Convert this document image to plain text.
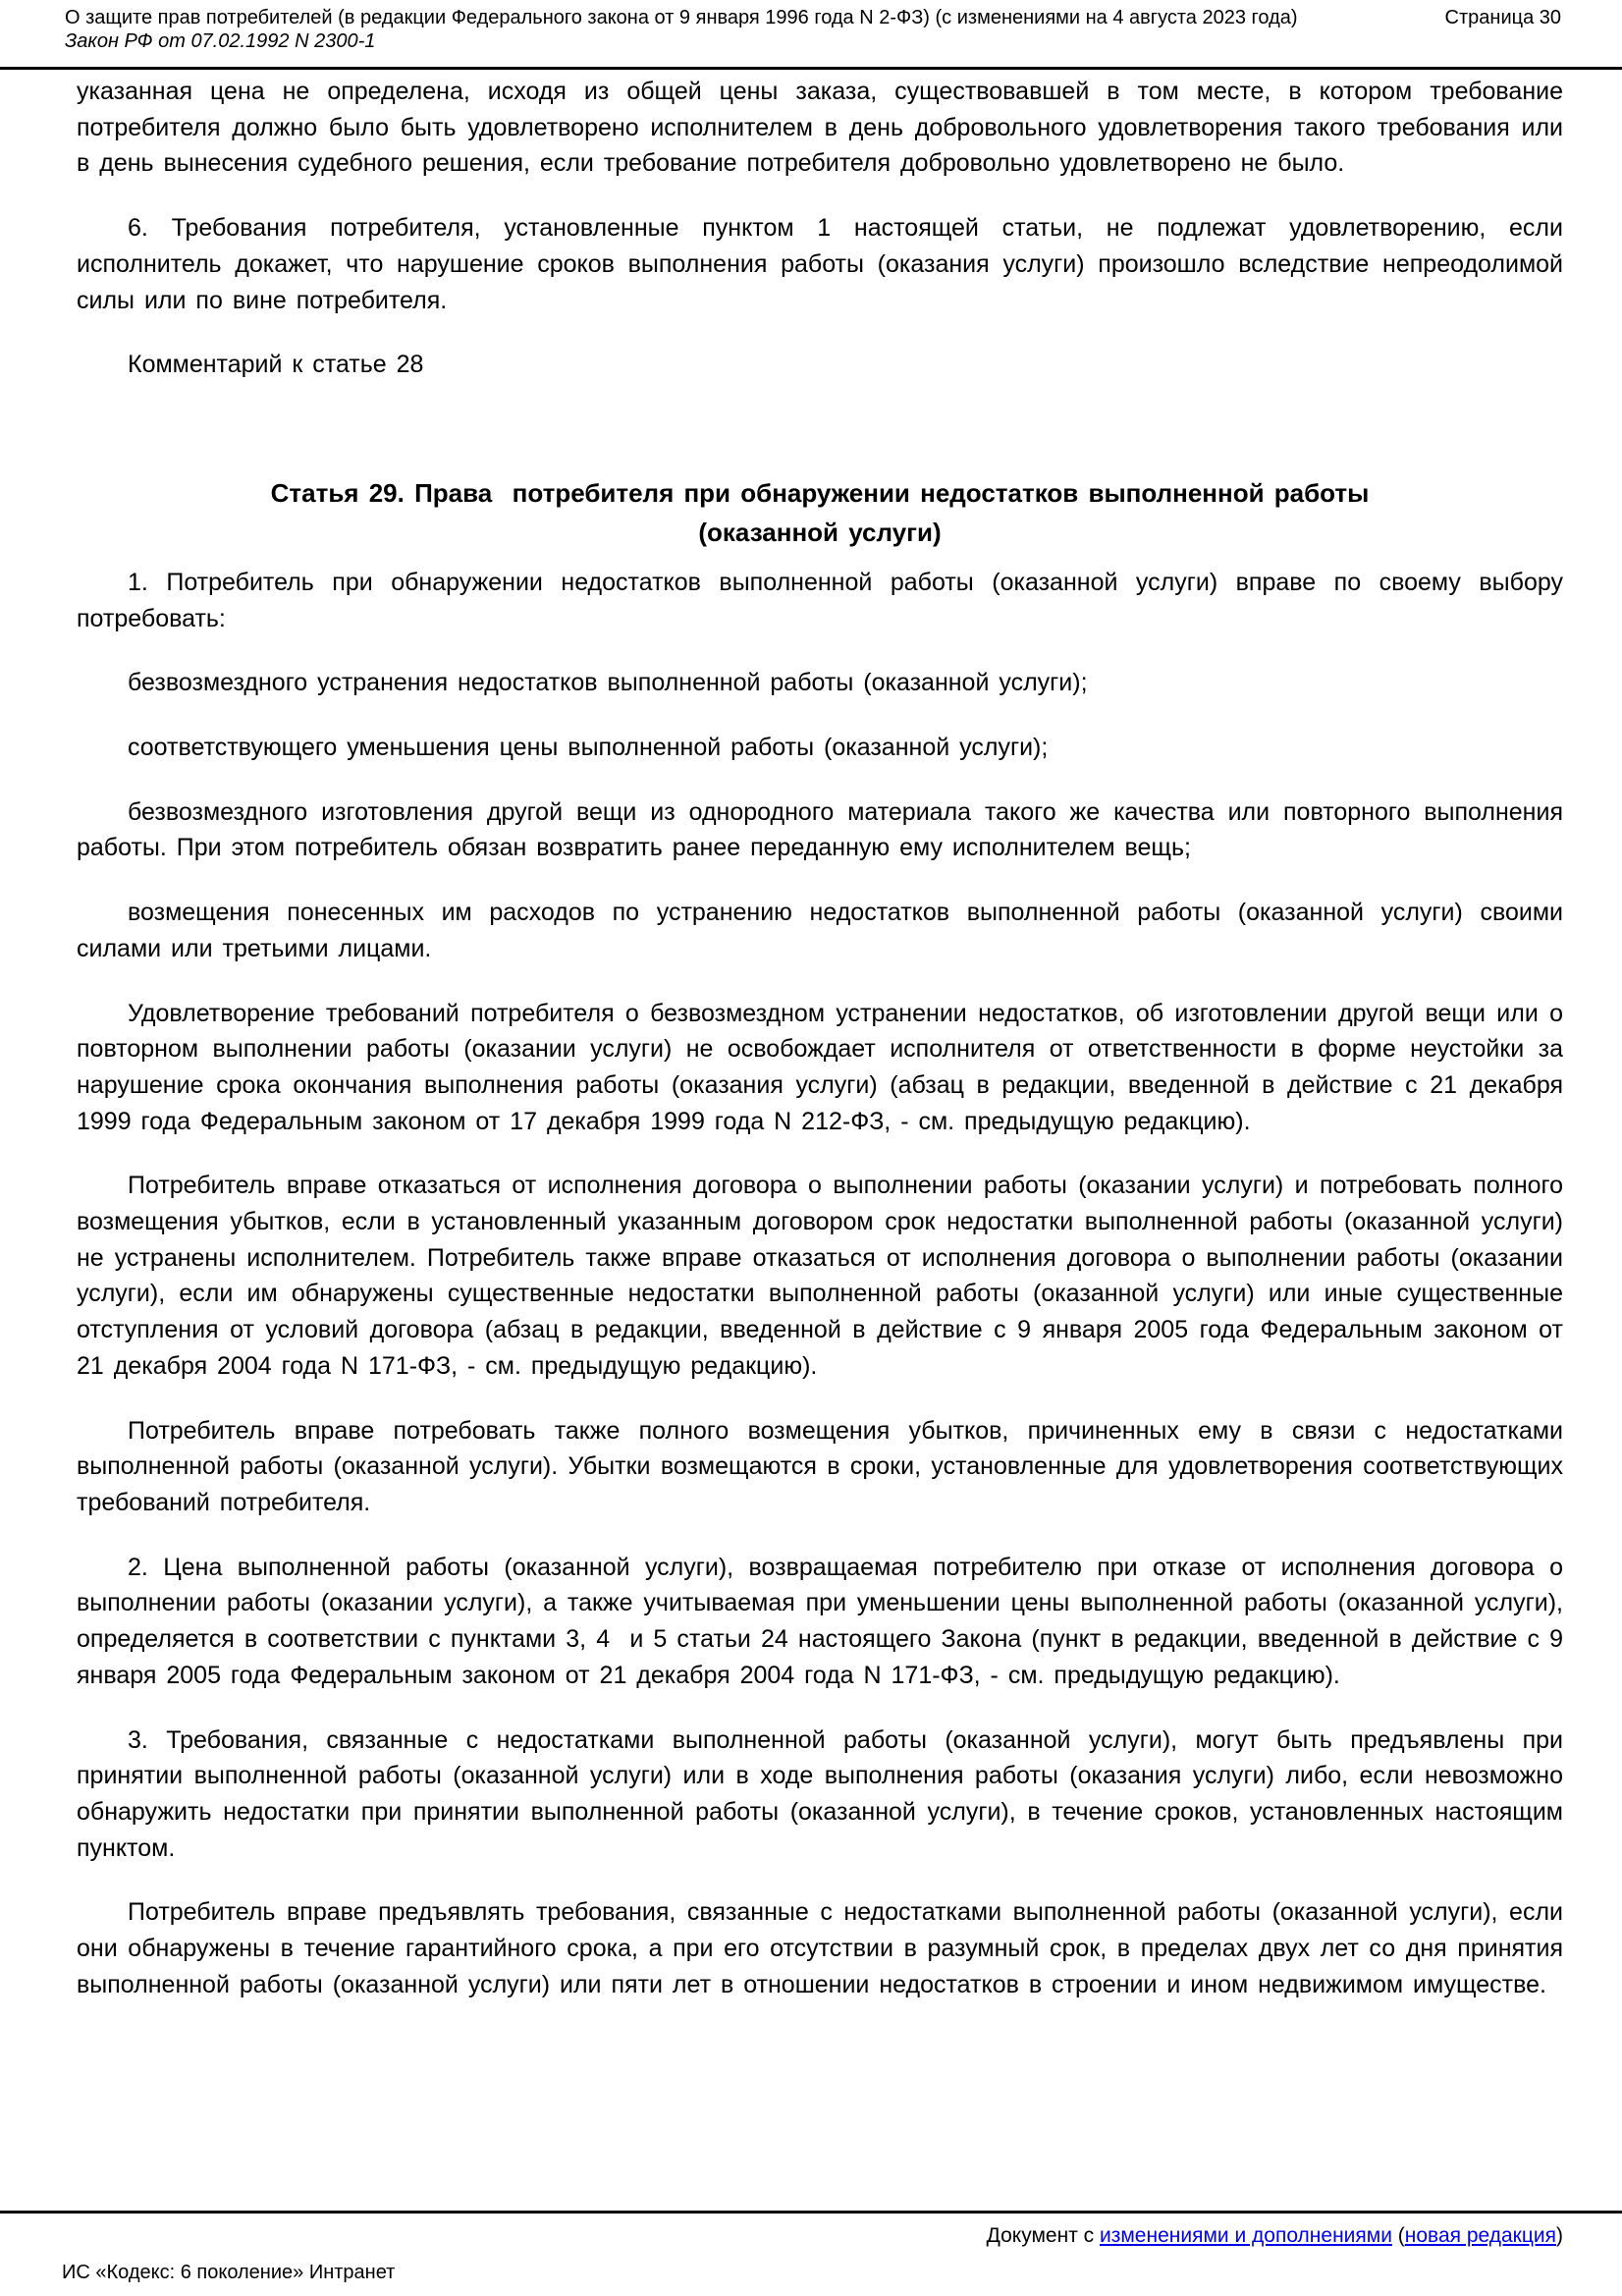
О защите прав потребителей (в редакции Федерального закона от 9 января 1996 года N 2-ФЗ) (с изменениями на 4 августа 2023 года)	Страница 30
Закон РФ от 07.02.1992 N 2300-1
указанная цена не определена, исходя из общей цены заказа, существовавшей в том месте, в котором требование потребителя должно было быть удовлетворено исполнителем в день добровольного удовлетворения такого требования или в день вынесения судебного решения, если требование потребителя добровольно удовлетворено не было.
6. Требования потребителя, установленные пунктом 1 настоящей статьи, не подлежат удовлетворению, если исполнитель докажет, что нарушение сроков выполнения работы (оказания услуги) произошло вследствие непреодолимой силы или по вине потребителя.
Комментарий к статье 28
Статья 29. Права  потребителя при обнаружении недостатков выполненной работы
(оказанной услуги)
1. Потребитель при обнаружении недостатков выполненной работы (оказанной услуги) вправе по своему выбору потребовать:
безвозмездного устранения недостатков выполненной работы (оказанной услуги);
соответствующего уменьшения цены выполненной работы (оказанной услуги);
безвозмездного изготовления другой вещи из однородного материала такого же качества или повторного выполнения работы. При этом потребитель обязан возвратить ранее переданную ему исполнителем вещь;
возмещения понесенных им расходов по устранению недостатков выполненной работы (оказанной услуги) своими силами или третьими лицами.
Удовлетворение требований потребителя о безвозмездном устранении недостатков, об изготовлении другой вещи или о повторном выполнении работы (оказании услуги) не освобождает исполнителя от ответственности в форме неустойки за нарушение срока окончания выполнения работы (оказания услуги) (абзац в редакции, введенной в действие с 21 декабря 1999 года Федеральным законом от 17 декабря 1999 года N 212-ФЗ, - см. предыдущую редакцию).
Потребитель вправе отказаться от исполнения договора о выполнении работы (оказании услуги) и потребовать полного возмещения убытков, если в установленный указанным договором срок недостатки выполненной работы (оказанной услуги) не устранены исполнителем. Потребитель также вправе отказаться от исполнения договора о выполнении работы (оказании услуги), если им обнаружены существенные недостатки выполненной работы (оказанной услуги) или иные существенные отступления от условий договора (абзац в редакции, введенной в действие с 9 января 2005 года Федеральным законом от 21 декабря 2004 года N 171-ФЗ, - см. предыдущую редакцию).
Потребитель вправе потребовать также полного возмещения убытков, причиненных ему в связи с недостатками выполненной работы (оказанной услуги). Убытки возмещаются в сроки, установленные для удовлетворения соответствующих требований потребителя.
2. Цена выполненной работы (оказанной услуги), возвращаемая потребителю при отказе от исполнения договора о выполнении работы (оказании услуги), а также учитываемая при уменьшении цены выполненной работы (оказанной услуги), определяется в соответствии с пунктами 3, 4  и 5 статьи 24 настоящего Закона (пункт в редакции, введенной в действие с 9 января 2005 года Федеральным законом от 21 декабря 2004 года N 171-ФЗ, - см. предыдущую редакцию).
3. Требования, связанные с недостатками выполненной работы (оказанной услуги), могут быть предъявлены при принятии выполненной работы (оказанной услуги) или в ходе выполнения работы (оказания услуги) либо, если невозможно обнаружить недостатки при принятии выполненной работы (оказанной услуги), в течение сроков, установленных настоящим пунктом.
Потребитель вправе предъявлять требования, связанные с недостатками выполненной работы (оказанной услуги), если они обнаружены в течение гарантийного срока, а при его отсутствии в разумный срок, в пределах двух лет со дня принятия выполненной работы (оказанной услуги) или пяти лет в отношении недостатков в строении и ином недвижимом имуществе.
Документ с изменениями и дополнениями (новая редакция)
ИС «Кодекс: 6 поколение» Интранет
